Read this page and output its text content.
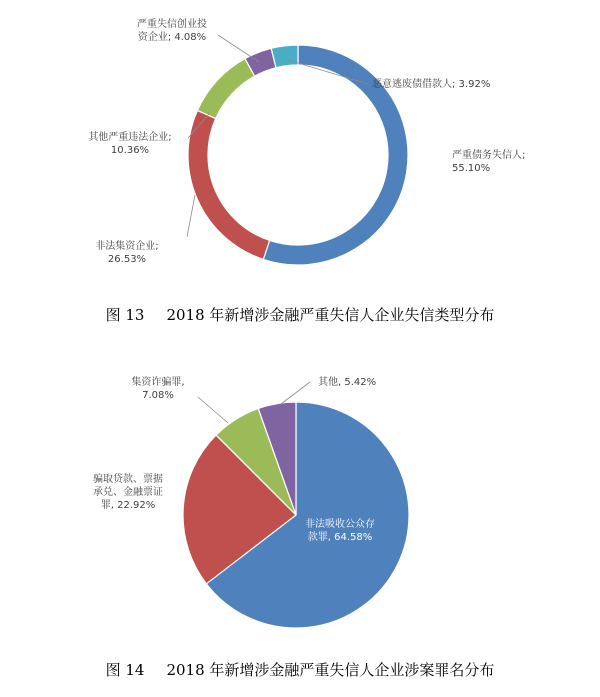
严重债务失信人; 55.10%
非法集资企业; 26.53%
其他严重违法企业; 10.36%
严重失信创业投资企业; 4.08%
恶意逃废债借款人; 3.92%
非法吸收公众存款罪, 64.58%
骗取贷款、票据承兑、金融票证罪, 22.92%
集资诈骗罪, 7.08%
其他, 5.42%
图 13 2018 年新增涉金融严重失信人企业失信类型分布
图 14 2018 年新增涉金融严重失信人企业涉案罪名分布
